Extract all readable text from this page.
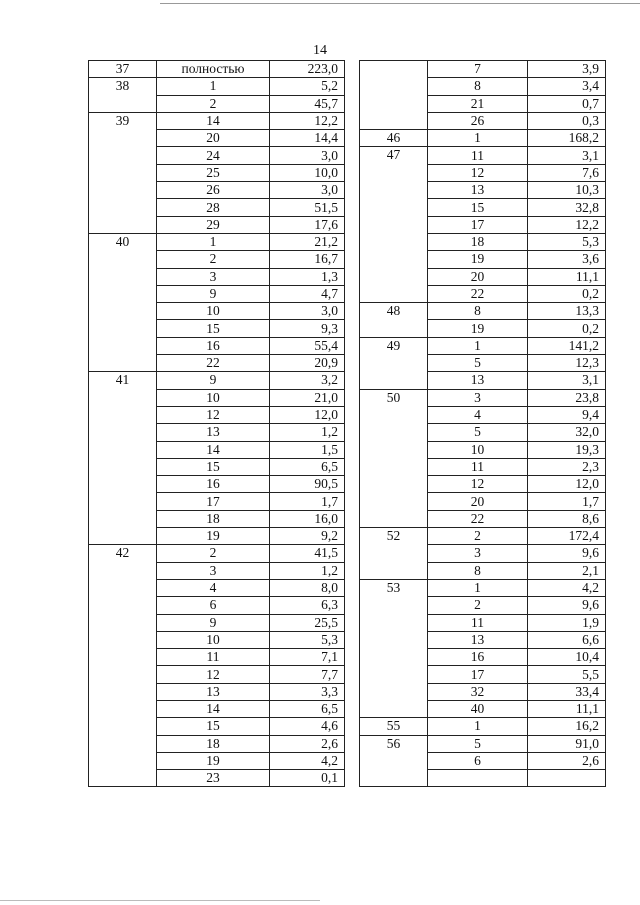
14
37	полностью	223,0
38	1	5,2
	2	45,7
39	14	12,2
	20	14,4
	24	3,0
	25	10,0
	26	3,0
	28	51,5
	29	17,6
40	1	21,2
	2	16,7
	3	1,3
	9	4,7
	10	3,0
	15	9,3
	16	55,4
	22	20,9
41	9	3,2
	10	21,0
	12	12,0
	13	1,2
	14	1,5
	15	6,5
	16	90,5
	17	1,7
	18	16,0
	19	9,2
42	2	41,5
	3	1,2
	4	8,0
	6	6,3
	9	25,5
	10	5,3
	11	7,1
	12	7,7
	13	3,3
	14	6,5
	15	4,6
	18	2,6
	19	4,2
	23	0,1
	7	3,9
	8	3,4
	21	0,7
	26	0,3
46	1	168,2
47	11	3,1
	12	7,6
	13	10,3
	15	32,8
	17	12,2
	18	5,3
	19	3,6
	20	11,1
	22	0,2
48	8	13,3
	19	0,2
49	1	141,2
	5	12,3
	13	3,1
50	3	23,8
	4	9,4
	5	32,0
	10	19,3
	11	2,3
	12	12,0
	20	1,7
	22	8,6
52	2	172,4
	3	9,6
	8	2,1
53	1	4,2
	2	9,6
	11	1,9
	13	6,6
	16	10,4
	17	5,5
	32	33,4
	40	11,1
55	1	16,2
56	5	91,0
	6	2,6
